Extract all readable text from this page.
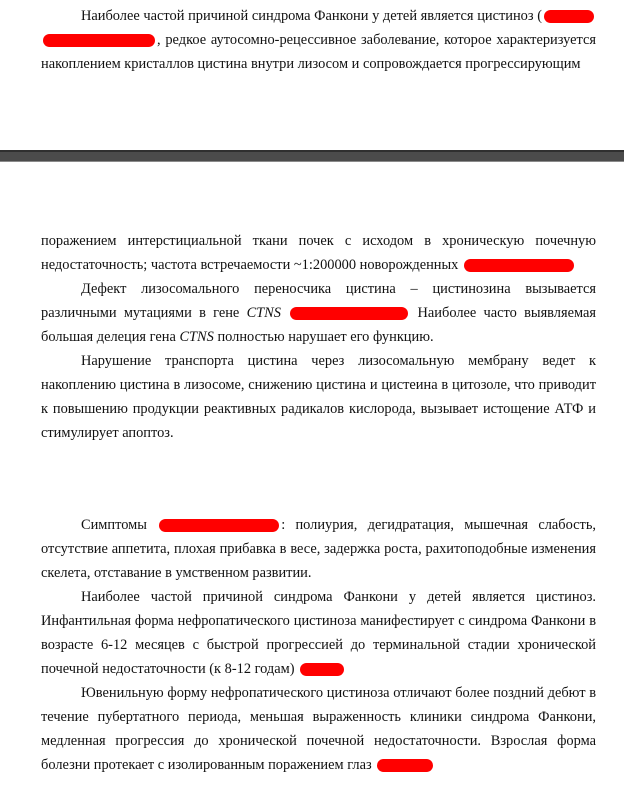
Наиболее частой причиной синдрома Фанкони у детей является цистиноз ( , редкое аутосомно-рецессивное заболевание, которое характеризуется накоплением кристаллов цистина внутри лизосом и сопровождается прогрессирующим

поражением интерстициальной ткани почек с исходом в хроническую почечную недостаточность; частота встречаемости ~1:200000 новорожденных

Дефект лизосомального переносчика цистина – цистинозина вызывается различными мутациями в гене CTNS	Наиболее часто выявляемая большая делеция гена CTNS полностью нарушает его функцию.

Нарушение транспорта цистина через лизосомальную мембрану ведет к накоплению цистина в лизосоме, снижению цистина и цистеина в цитозоле, что приводит к повышению продукции реактивных радикалов кислорода, вызывает истощение АТФ и стимулирует апоптоз.

Симптомы	: полиурия, дегидратация, мышечная слабость, отсутствие аппетита, плохая прибавка в весе, задержка роста, рахитоподобные изменения скелета, отставание в умственном развитии.

Наиболее частой причиной синдрома Фанкони у детей является цистиноз. Инфантильная форма нефропатического цистиноза манифестирует с синдрома Фанкони в возрасте 6-12 месяцев с быстрой прогрессией до терминальной стадии хронической почечной недостаточности (к 8-12 годам)

Ювенильную форму нефропатического цистиноза отличают более поздний дебют в течение пубертатного периода, меньшая выраженность клиники синдрома Фанкони, медленная прогрессия до хронической почечной недостаточности. Взрослая форма болезни протекает с изолированным поражением глаз
